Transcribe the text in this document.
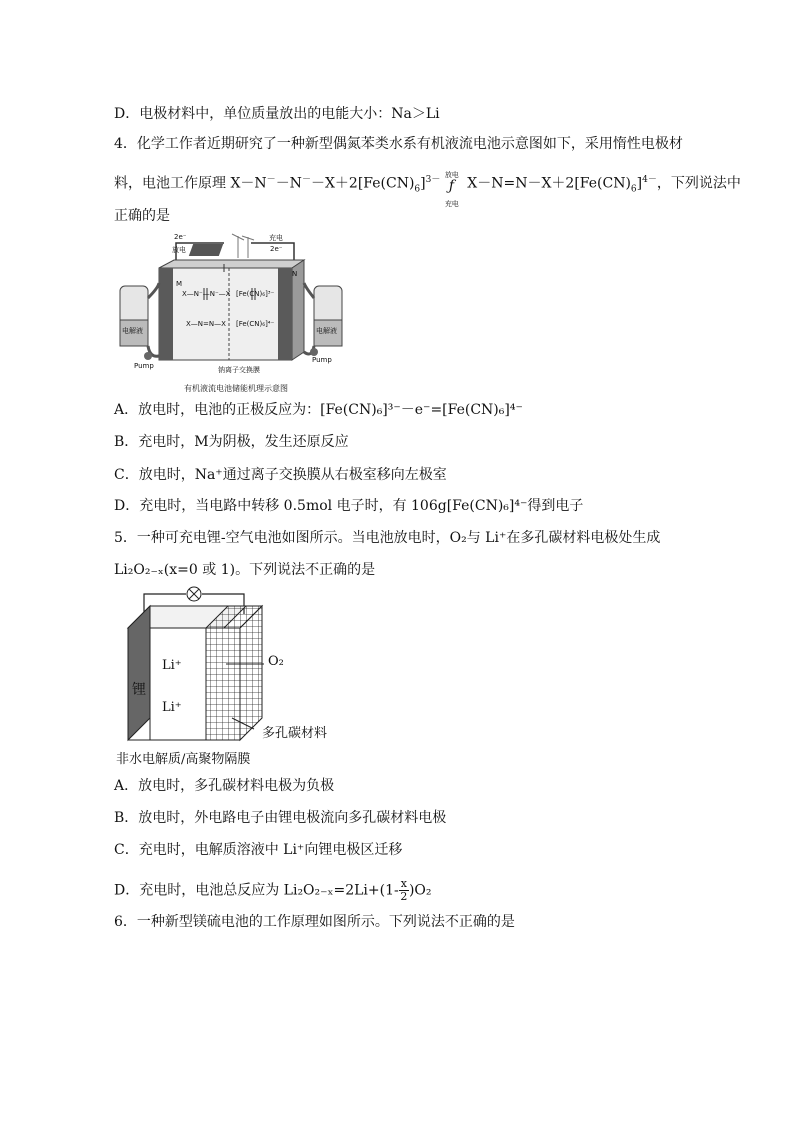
D．电极材料中，单位质量放出的电能大小：Na＞Li
4．化学工作者近期研究了一种新型偶氮苯类水系有机液流电池示意图如下，采用惰性电极材
料，电池工作原理 $X-N^--N^--X+2[Fe(CN)_6]^{3-}$
放电
ƒ
充电
$X-N=N-X+2[Fe(CN)_6]^{4-}$，下列说法中
正确的是
2e⁻
放电
充电
2e⁻
M
N
X—N⁻—N⁻—X
X—N=N—X
[Fe(CN)₆]³⁻
[Fe(CN)₆]⁴⁻
电解液	电解液
Pump
Pump
钠离子交换膜
有机液流电池储能机理示意图
A．放电时，电池的正极反应为：[Fe(CN)₆]³⁻－e⁻=[Fe(CN)₆]⁴⁻
B．充电时，M为阴极，发生还原反应
C．放电时，Na⁺通过离子交换膜从右极室移向左极室
D．充电时，当电路中转移 0.5mol 电子时，有 106g[Fe(CN)₆]⁴⁻得到电子
5．一种可充电锂-空气电池如图所示。当电池放电时，O₂与 Li⁺在多孔碳材料电极处生成
Li₂O₂₋ₓ(x=0 或 1)。下列说法不正确的是
Li⁺
Li⁺
锂
O₂
多孔碳材料
非水电解质/高聚物隔膜
A．放电时，多孔碳材料电极为负极
B．放电时，外电路电子由锂电极流向多孔碳材料电极
C．充电时，电解质溶液中 Li⁺向锂电极区迁移
D．充电时，电池总反应为 $Li_2O_{2-x}=2Li+(1- \frac{x}{2} )O_2$
6．一种新型镁硫电池的工作原理如图所示。下列说法不正确的是
